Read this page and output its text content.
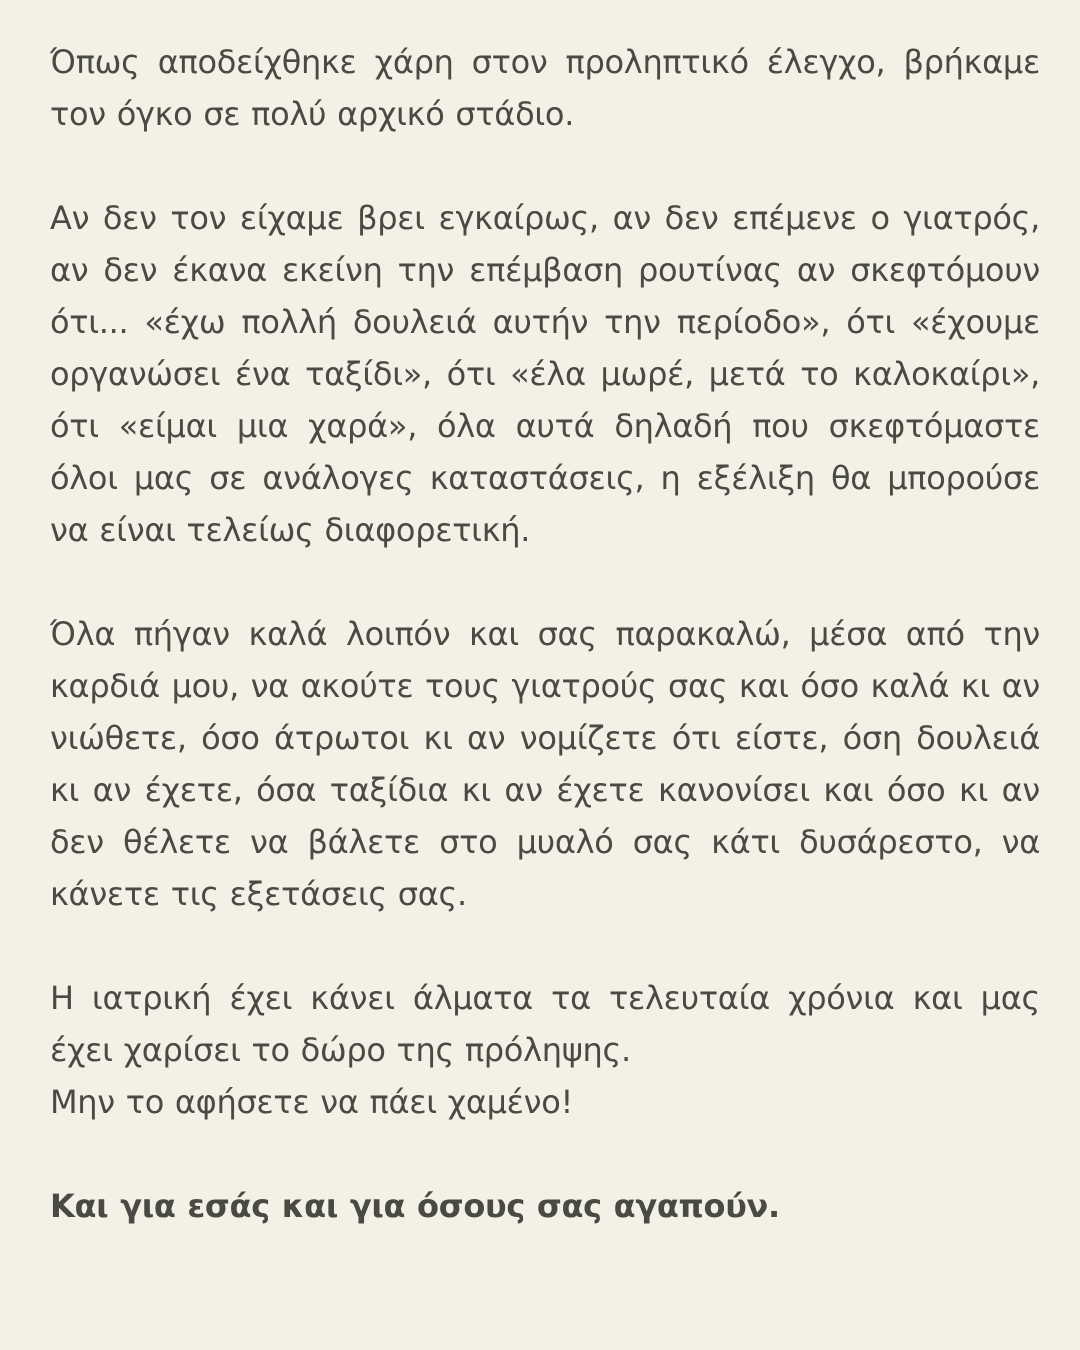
Όπως αποδείχθηκε χάρη στον προληπτικό έλεγχο, βρήκαμε τον όγκο σε πολύ αρχικό στάδιο.

Αν δεν τον είχαμε βρει εγκαίρως, αν δεν επέμενε ο γιατρός, αν δεν έκανα εκείνη την επέμβαση ρουτίνας αν σκεφτόμουν ότι... «έχω πολλή δουλειά αυτήν την περίοδο», ότι «έχουμε οργανώσει ένα ταξίδι», ότι «έλα μωρέ, μετά το καλοκαίρι», ότι «είμαι μια χαρά», όλα αυτά δηλαδή που σκεφτόμαστε όλοι μας σε ανάλογες καταστάσεις, η εξέλιξη θα μπορούσε να είναι τελείως διαφορετική.

Όλα πήγαν καλά λοιπόν και σας παρακαλώ, μέσα από την καρδιά μου, να ακούτε τους γιατρούς σας και όσο καλά κι αν νιώθετε, όσο άτρωτοι κι αν νομίζετε ότι είστε, όση δουλειά κι αν έχετε, όσα ταξίδια κι αν έχετε κανονίσει και όσο κι αν δεν θέλετε να βάλετε στο μυαλό σας κάτι δυσάρεστο, να κάνετε τις εξετάσεις σας.

Η ιατρική έχει κάνει άλματα τα τελευταία χρόνια και μας έχει χαρίσει το δώρο της πρόληψης.
Μην το αφήσετε να πάει χαμένο!

Και για εσάς και για όσους σας αγαπούν.
